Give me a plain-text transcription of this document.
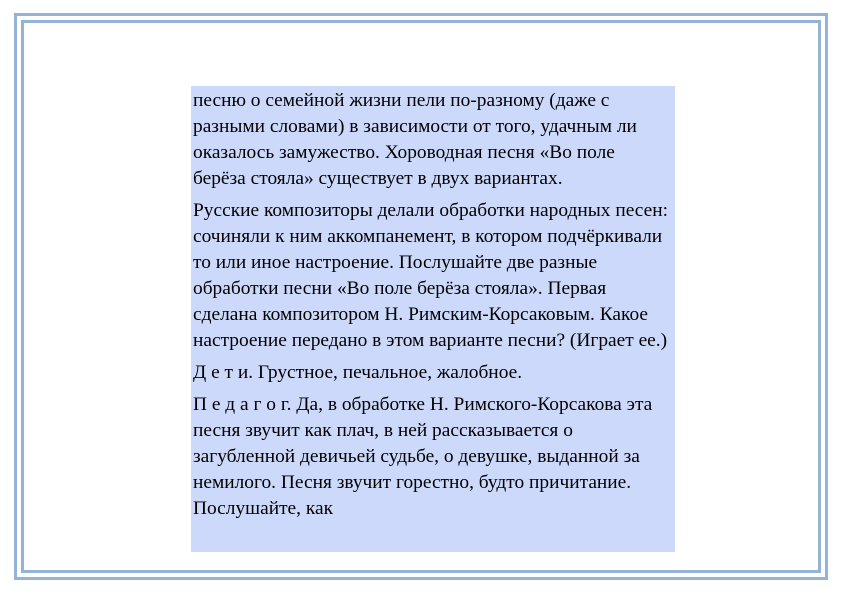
песню о семейной жизни пели по-разному (даже с разными словами) в зависимости от того, удачным ли оказалось замужество. Хороводная песня «Во поле берёза стояла» существует в двух вариантах.

Русские композиторы делали обработки народных песен: сочиняли к ним аккомпанемент, в котором подчёркивали то или иное настроение. Послушайте две разные обработки песни «Во поле берёза стояла». Первая сделана композитором Н. Римским-Корсаковым. Какое настроение передано в этом варианте песни? (Играет ее.)

Д е т и. Грустное, печальное, жалобное.

П е д а г о г. Да, в обработке Н. Римского-Корсакова эта песня звучит как плач, в ней рассказывается о загубленной девичьей судьбе, о девушке, выданной за немилого. Песня звучит горестно, будто причитание. Послушайте, как
